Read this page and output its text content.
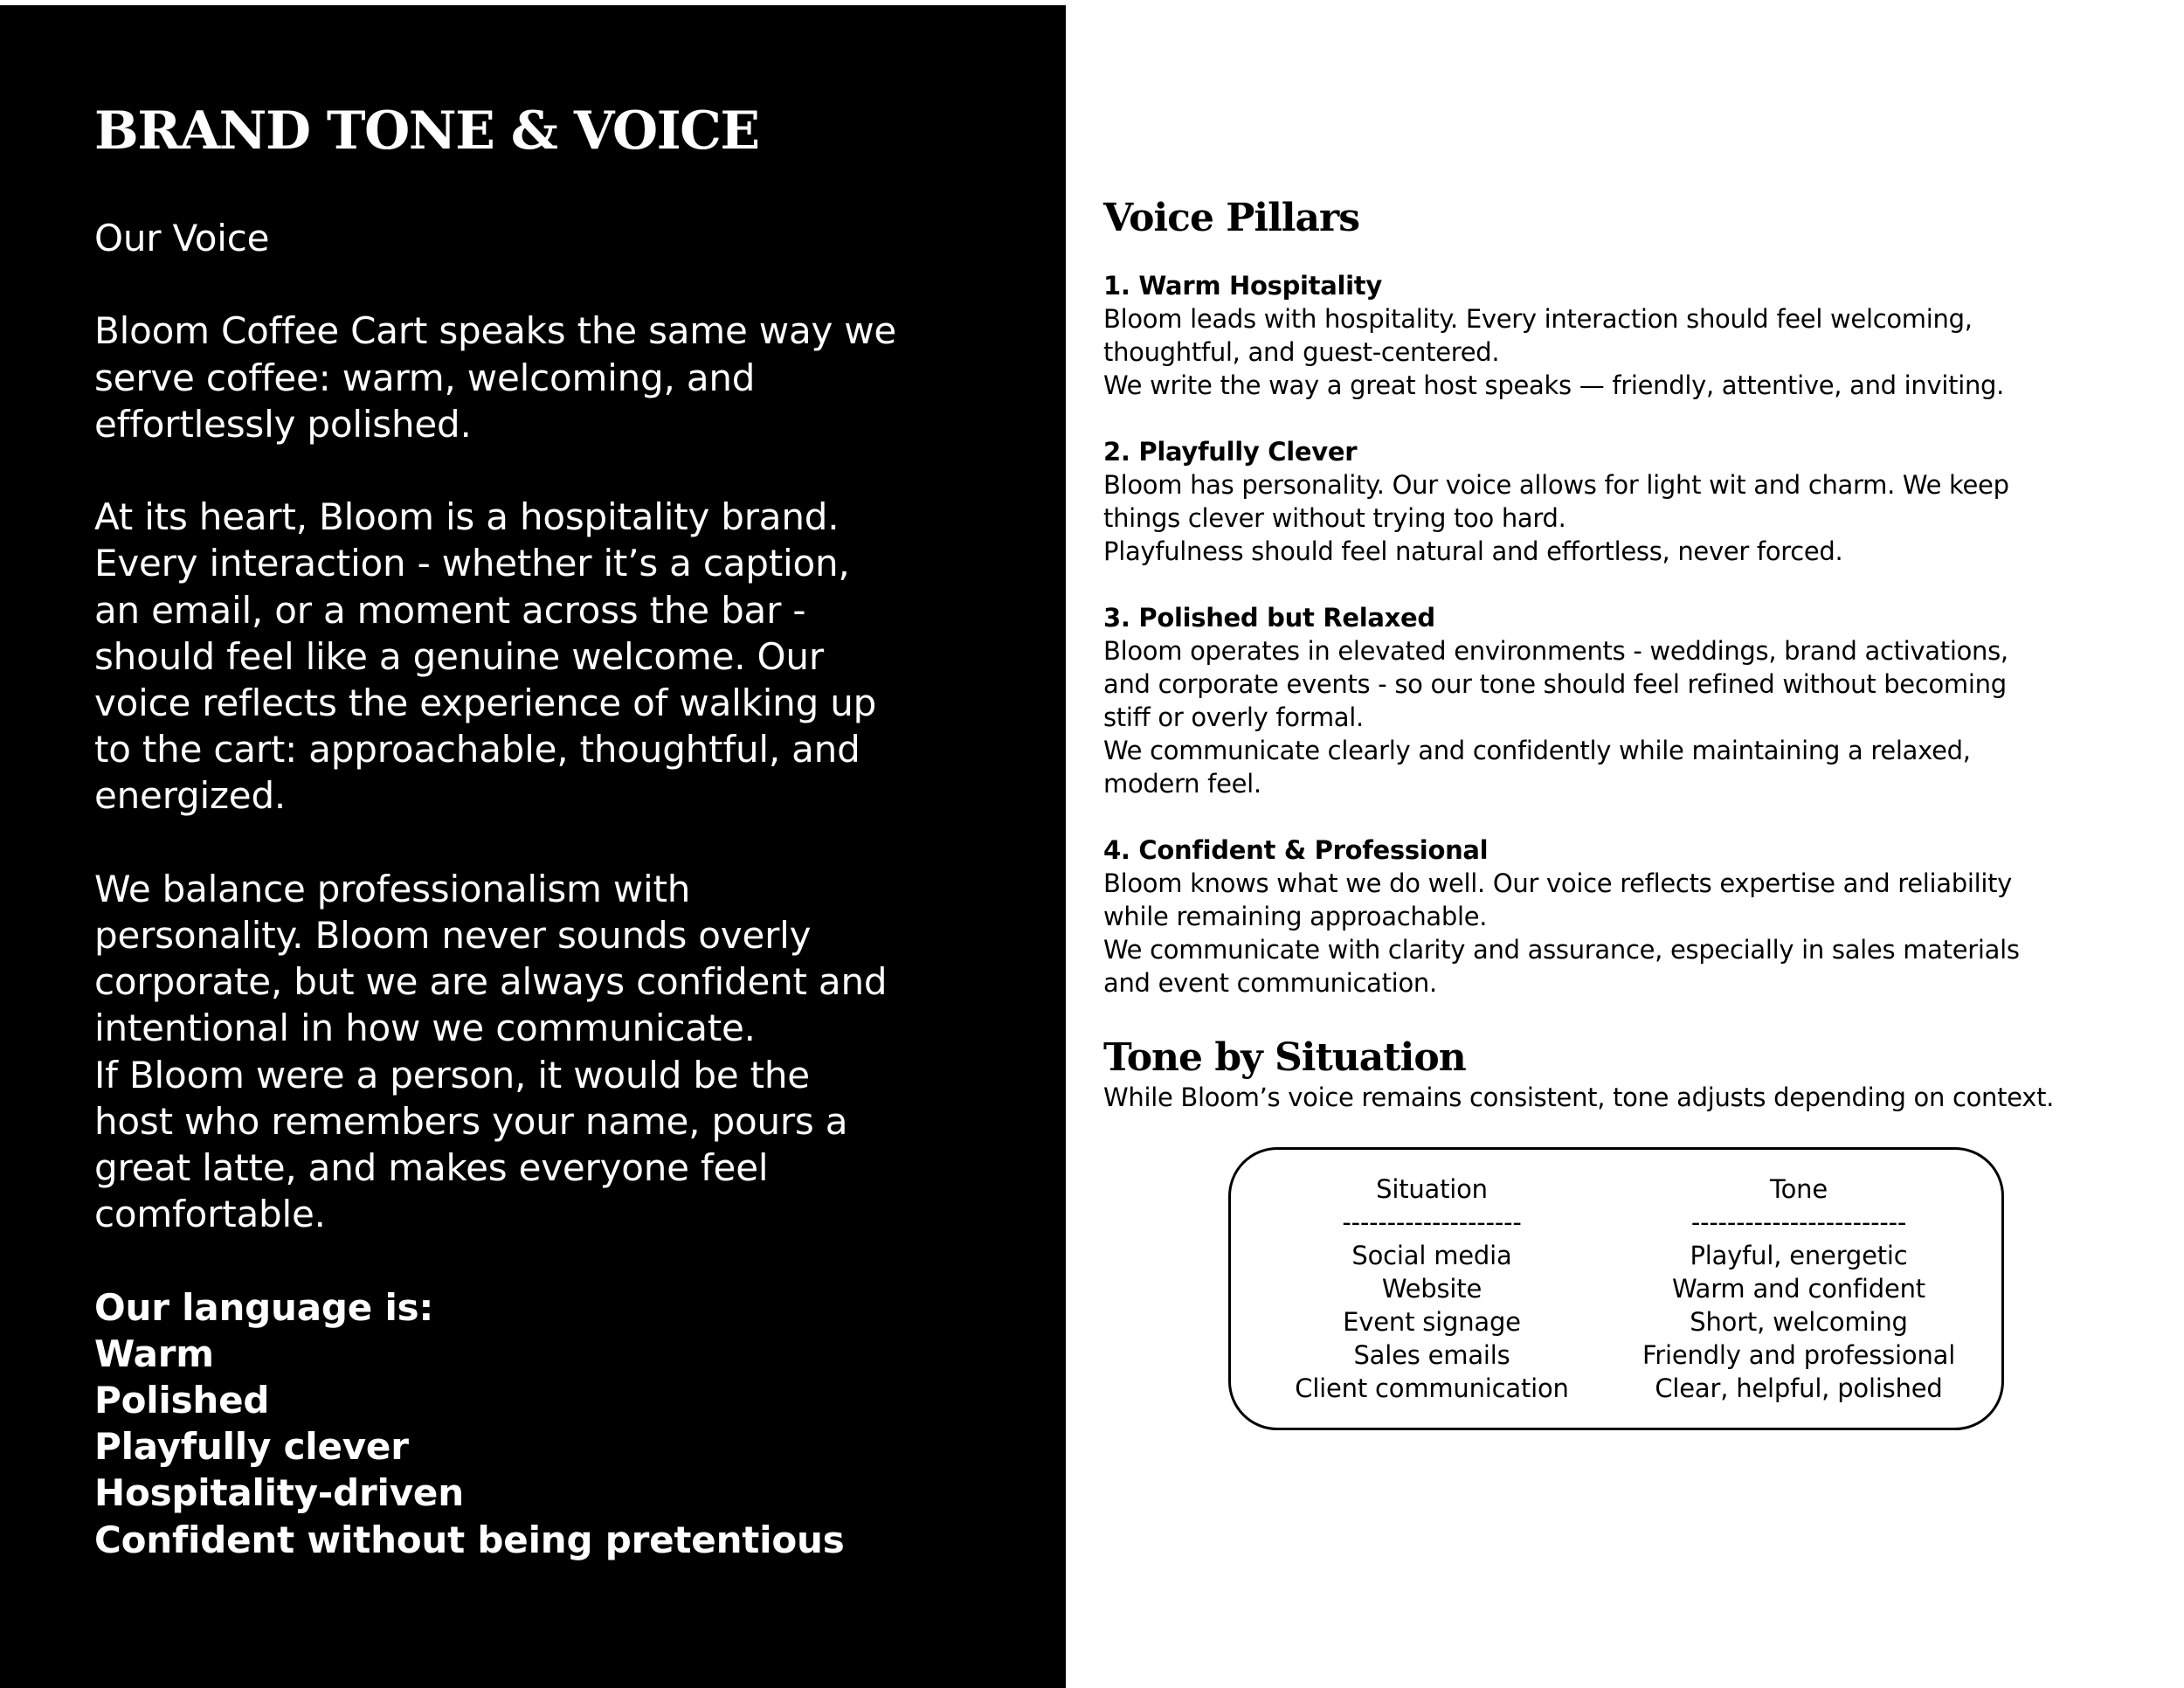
BRAND TONE & VOICE

Our Voice

Bloom Coffee Cart speaks the same way we
serve coffee: warm, welcoming, and
effortlessly polished.

At its heart, Bloom is a hospitality brand.
Every interaction - whether it’s a caption,
an email, or a moment across the bar -
should feel like a genuine welcome. Our
voice reflects the experience of walking up
to the cart: approachable, thoughtful, and
energized.

We balance professionalism with
personality. Bloom never sounds overly
corporate, but we are always confident and
intentional in how we communicate.
If Bloom were a person, it would be the
host who remembers your name, pours a
great latte, and makes everyone feel
comfortable.

Our language is:
Warm
Polished
Playfully clever
Hospitality-driven
Confident without being pretentious
Voice Pillars
1. Warm Hospitality
Bloom leads with hospitality. Every interaction should feel welcoming,
thoughtful, and guest-centered.
We write the way a great host speaks — friendly, attentive, and inviting.
2. Playfully Clever
Bloom has personality. Our voice allows for light wit and charm. We keep
things clever without trying too hard.
Playfulness should feel natural and effortless, never forced.
3. Polished but Relaxed
Bloom operates in elevated environments - weddings, brand activations,
and corporate events - so our tone should feel refined without becoming
stiff or overly formal.
We communicate clearly and confidently while maintaining a relaxed,
modern feel.
4. Confident & Professional
Bloom knows what we do well. Our voice reflects expertise and reliability
while remaining approachable.
We communicate with clarity and assurance, especially in sales materials
and event communication.
Tone by Situation
While Bloom’s voice remains consistent, tone adjusts depending on context.
Situation
--------------------
Social media
Website
Event signage
Sales emails
Client communication
Tone
------------------------
Playful, energetic
Warm and confident
Short, welcoming
Friendly and professional
Clear, helpful, polished
